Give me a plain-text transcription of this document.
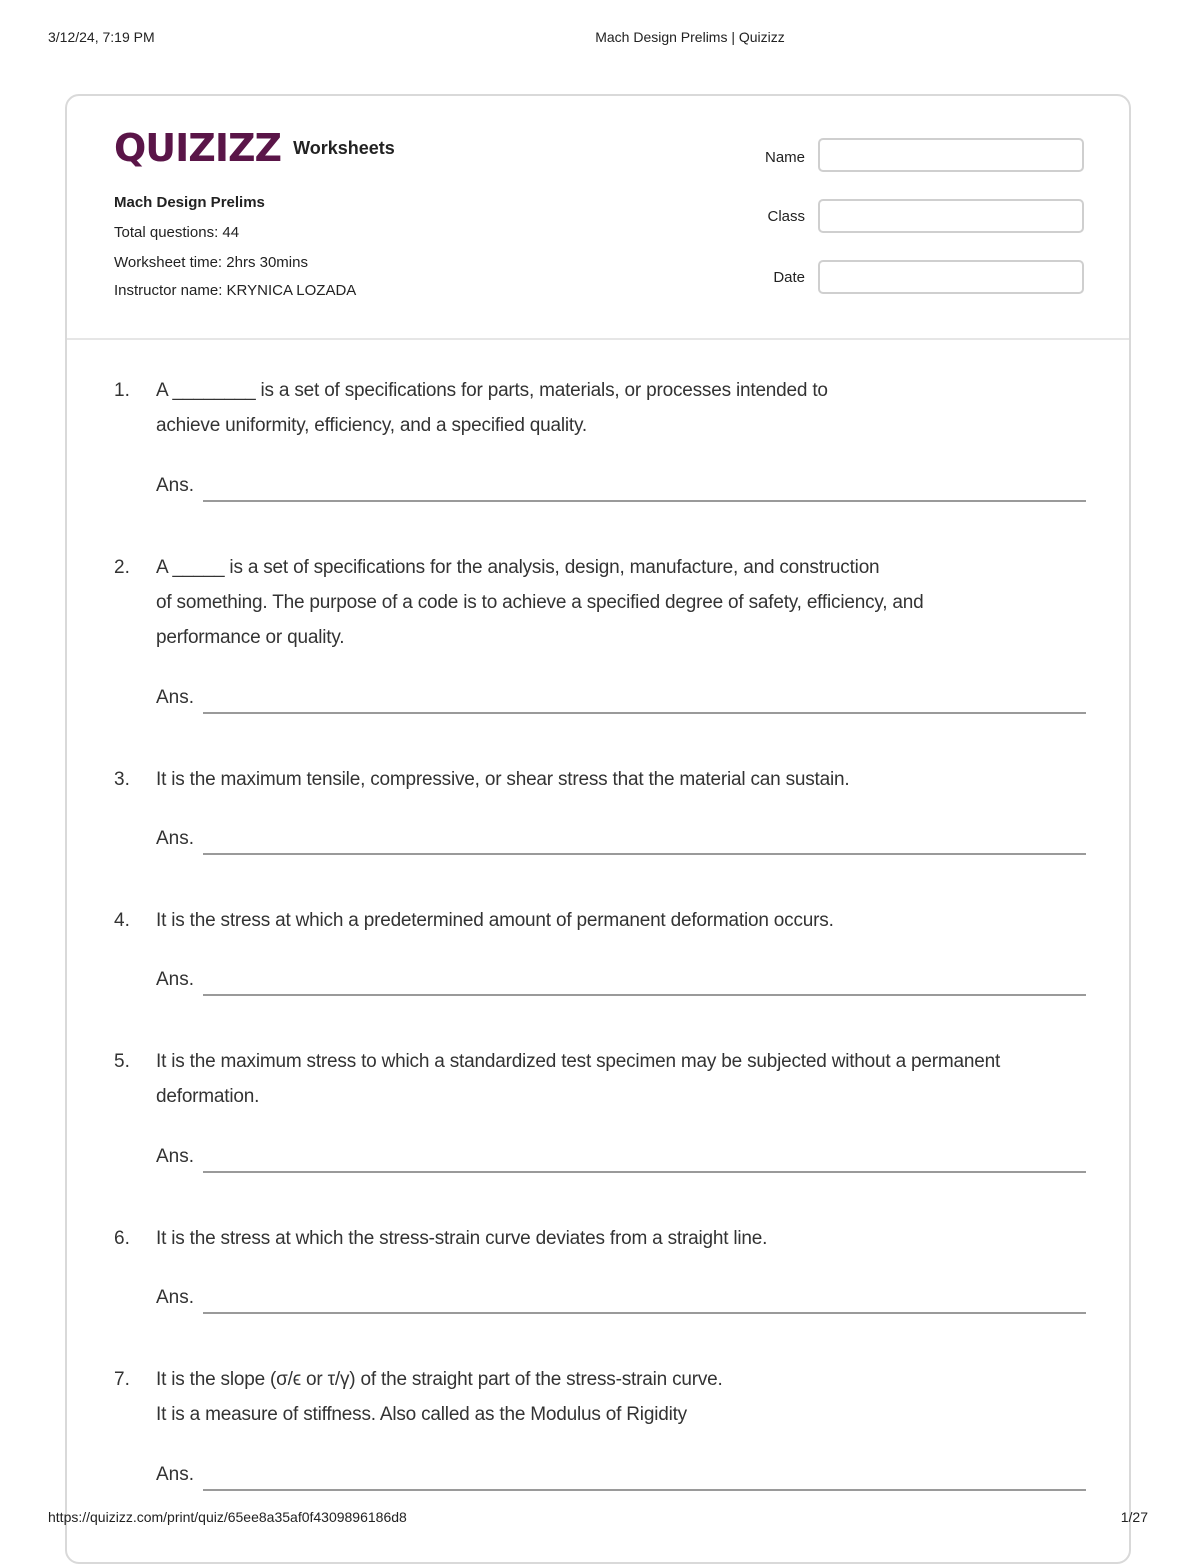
3/12/24, 7:19 PM	Mach Design Prelims | Quizizz
QUIZIZZ Worksheets
Mach Design Prelims
Total questions: 44
Worksheet time: 2hrs 30mins
Instructor name: KRYNICA LOZADA
Name
Class
Date
1. A ________ is a set of specifications for parts, materials, or processes intended to
achieve uniformity, efficiency, and a specified quality.
Ans.
2. A _____ is a set of specifications for the analysis, design, manufacture, and construction
of something. The purpose of a code is to achieve a specified degree of safety, efficiency, and
performance or quality.
Ans.
3. It is the maximum tensile, compressive, or shear stress that the material can sustain.
Ans.
4. It is the stress at which a predetermined amount of permanent deformation occurs.
Ans.
5. It is the maximum stress to which a standardized test specimen may be subjected without a permanent
deformation.
Ans.
6. It is the stress at which the stress-strain curve deviates from a straight line.
Ans.
7. It is the slope (σ/ϵ or τ/γ) of the straight part of the stress-strain curve.
It is a measure of stiffness. Also called as the Modulus of Rigidity
Ans.
https://quizizz.com/print/quiz/65ee8a35af0f4309896186d8	1/27
